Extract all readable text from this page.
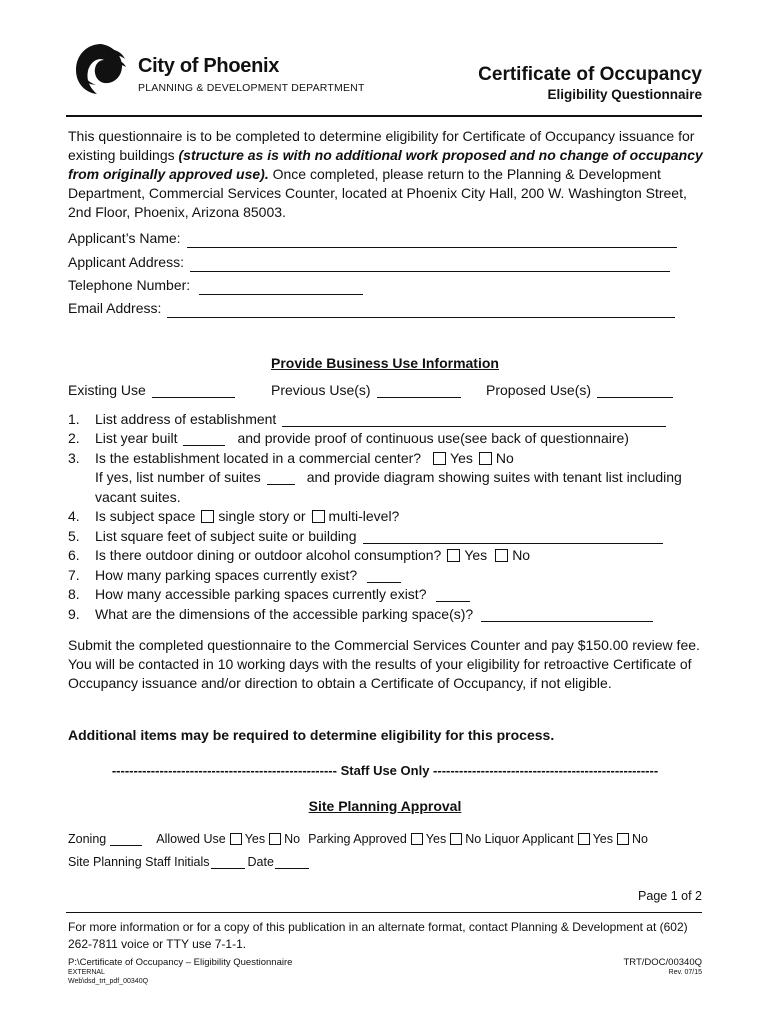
City of Phoenix
PLANNING & DEVELOPMENT DEPARTMENT
Certificate of Occupancy
Eligibility Questionnaire
This questionnaire is to be completed to determine eligibility for Certificate of Occupancy issuance for existing buildings (structure as is with no additional work proposed and no change of occupancy from originally approved use). Once completed, please return to the Planning & Development Department, Commercial Services Counter, located at Phoenix City Hall, 200 W. Washington Street, 2nd Floor, Phoenix, Arizona 85003.
Applicant’s Name:
Applicant Address:
Telephone Number:
Email Address:
Provide Business Use Information
Existing Use	Previous Use(s)	Proposed Use(s)
1.	List address of establishment
2.	List year built	and provide proof of continuous use(see back of questionnaire)
3.	Is the establishment located in a commercial center? Yes No
If yes, list number of suites	and provide diagram showing suites with tenant list including
vacant suites.
4.	Is subject space single story or multi-level?
5.	List square feet of subject suite or building
6.	Is there outdoor dining or outdoor alcohol consumption? Yes No
7.	How many parking spaces currently exist?
8.	How many accessible parking spaces currently exist?
9.	What are the dimensions of the accessible parking space(s)?
Submit the completed questionnaire to the Commercial Services Counter and pay $150.00 review fee. You will be contacted in 10 working days with the results of your eligibility for retroactive Certificate of Occupancy issuance and/or direction to obtain a Certificate of Occupancy, if not eligible.
Additional items may be required to determine eligibility for this process.
---------------------------------------------------- Staff Use Only ----------------------------------------------------
Site Planning Approval
Zoning	Allowed Use Yes No Parking Approved Yes No Liquor Applicant Yes No
Site Planning Staff Initials	Date
Page 1 of 2
For more information or for a copy of this publication in an alternate format, contact Planning & Development at (602) 262-7811 voice or TTY use 7-1-1.
P:\Certificate of Occupancy – Eligibility Questionnaire
EXTERNAL
Web\dsd_trt_pdf_00340Q
TRT/DOC/00340Q
Rev. 07/15
